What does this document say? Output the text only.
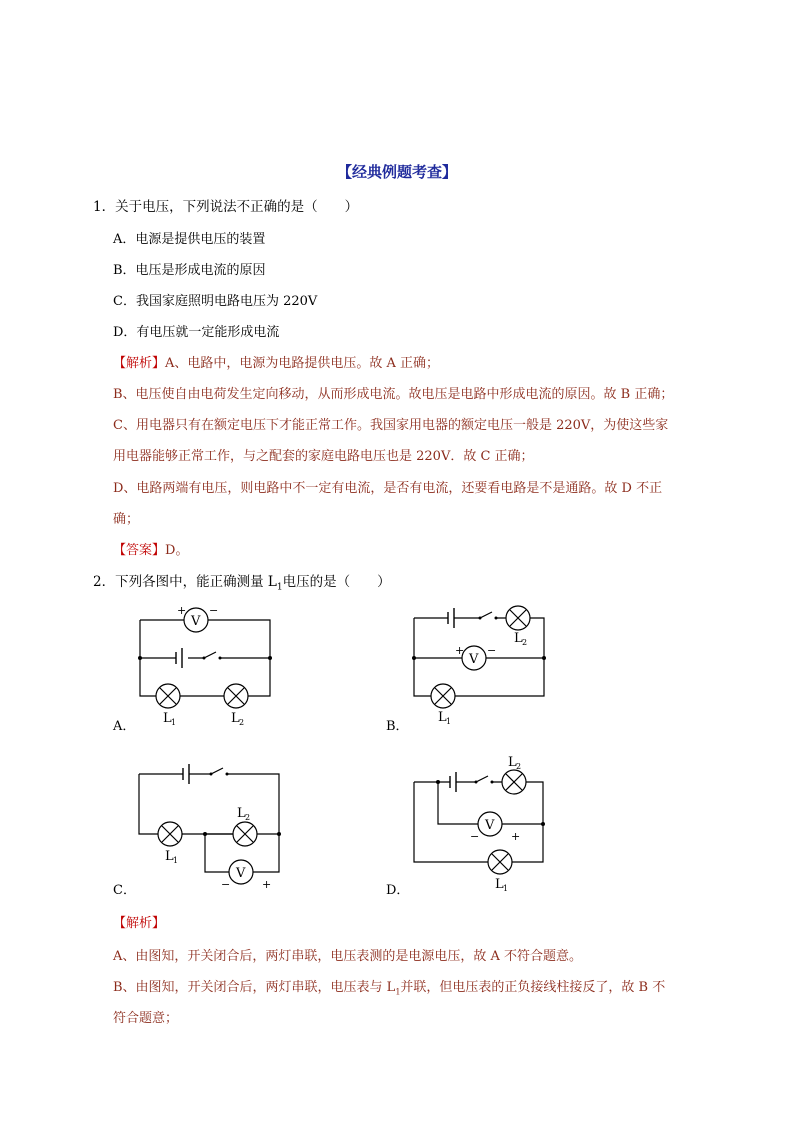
【经典例题考查】
1．关于电压，下列说法不正确的是（　　）
A．电源是提供电压的装置
B．电压是形成电流的原因
C．我国家庭照明电路电压为 220V
D．有电压就一定能形成电流
【解析】A、电路中，电源为电路提供电压。故 A 正确；
B、电压使自由电荷发生定向移动，从而形成电流。故电压是电路中形成电流的原因。故 B 正确；
C、用电器只有在额定电压下才能正常工作。我国家用电器的额定电压一般是 220V，为使这些家
用电器能够正常工作，与之配套的家庭电路电压也是 220V．故 C 正确；
D、电路两端有电压，则电路中不一定有电流，是否有电流，还要看电路是不是通路。故 D 不正
确；
【答案】D。
2．下列各图中，能正确测量 $L_1$电压的是（　　）
V
+ −
L 1	L 2
A．
V
+ −
L 2
L 1
B．
V
−	+
L 2
L 1
C．
V
−	+
L 2
L 1
D．
【解析】
A、由图知，开关闭合后，两灯串联，电压表测的是电源电压，故 A 不符合题意。
B、由图知，开关闭合后，两灯串联，电压表与 $L_1$并联，但电压表的正负接线柱接反了，故 B 不
符合题意；
